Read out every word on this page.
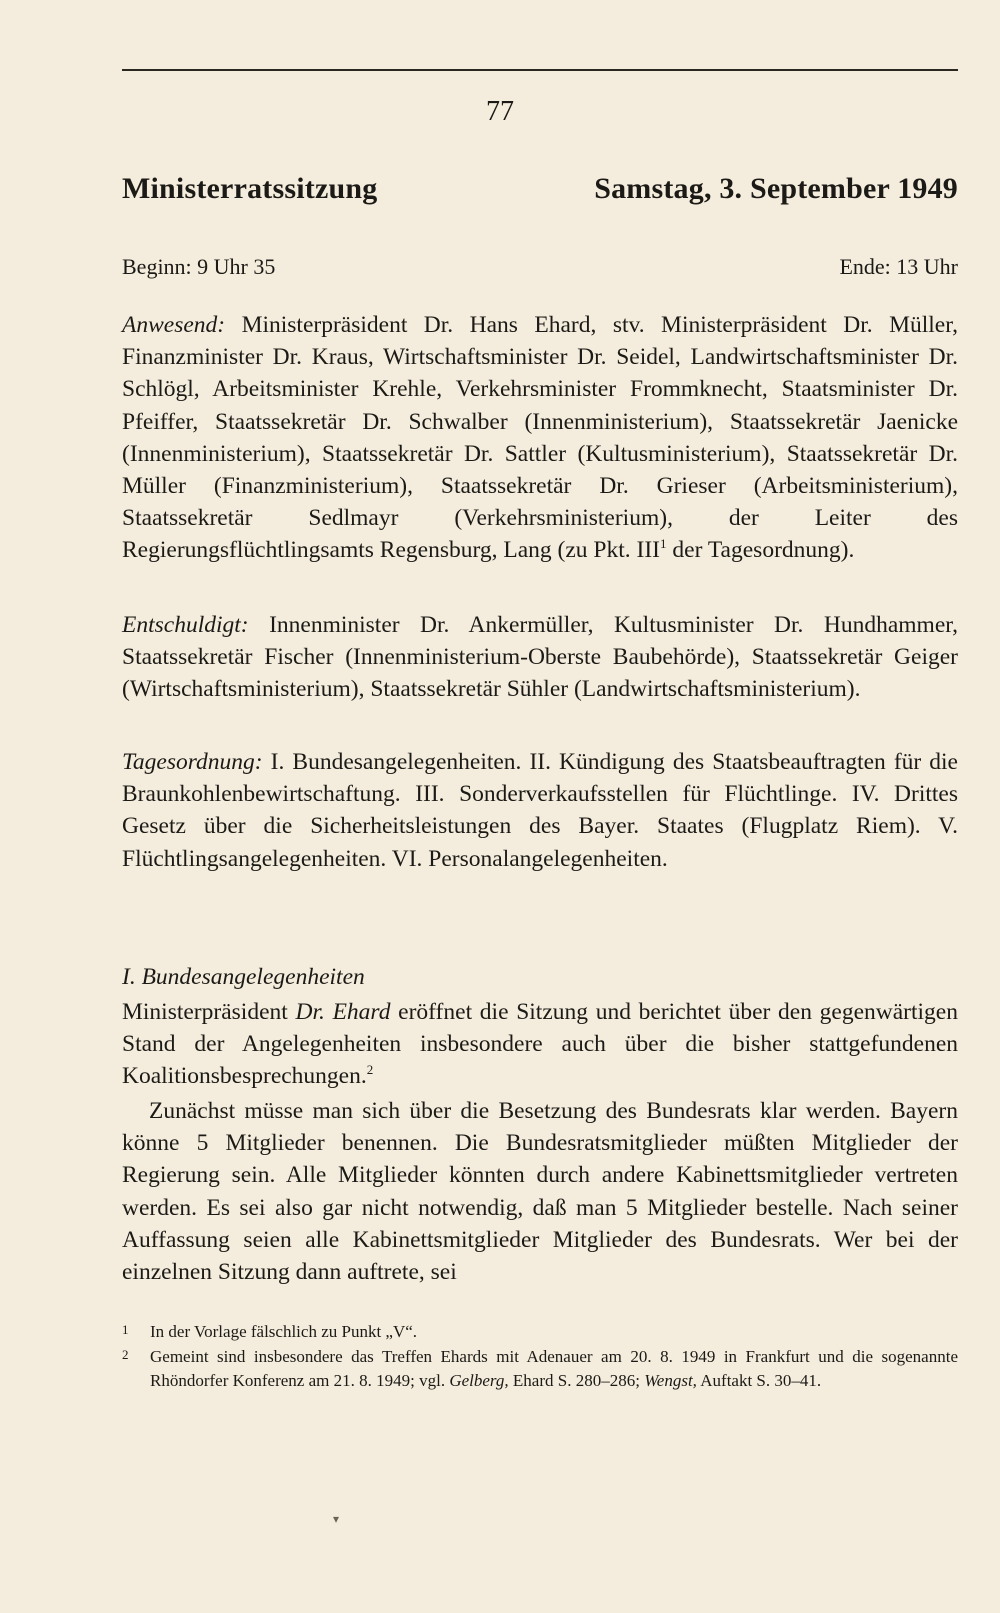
77
Ministerratssitzung	Samstag, 3. September 1949
Beginn: 9 Uhr 35	Ende: 13 Uhr

Anwesend: Ministerpräsident Dr. Hans Ehard, stv. Ministerpräsident Dr. Müller, Finanzminister Dr. Kraus, Wirtschaftsminister Dr. Seidel, Landwirtschaftsminister Dr. Schlögl, Arbeitsminister Krehle, Verkehrsminister Frommknecht, Staatsminister Dr. Pfeiffer, Staatssekretär Dr. Schwalber (Innenministerium), Staatssekretär Jaenicke (Innenministerium), Staatssekretär Dr. Sattler (Kultusministerium), Staatssekretär Dr. Müller (Finanzministerium), Staatssekretär Dr. Grieser (Arbeitsministerium), Staatssekretär Sedlmayr (Verkehrsministerium), der Leiter des Regierungsflüchtlingsamts Regensburg, Lang (zu Pkt. III$^1$ der Tagesordnung).

Entschuldigt: Innenminister Dr. Ankermüller, Kultusminister Dr. Hundhammer, Staatssekretär Fischer (Innenministerium-Oberste Baubehörde), Staatssekretär Geiger (Wirtschaftsministerium), Staatssekretär Sühler (Landwirtschaftsministerium).

Tagesordnung: I. Bundesangelegenheiten. II. Kündigung des Staatsbeauftragten für die Braunkohlenbewirtschaftung. III. Sonderverkaufsstellen für Flüchtlinge. IV. Drittes Gesetz über die Sicherheitsleistungen des Bayer. Staates (Flugplatz Riem). V. Flüchtlingsangelegenheiten. VI. Personalangelegenheiten.

I. Bundesangelegenheiten

Ministerpräsident Dr. Ehard eröffnet die Sitzung und berichtet über den gegenwärtigen Stand der Angelegenheiten insbesondere auch über die bisher stattgefundenen Koalitionsbesprechungen.$^2$

Zunächst müsse man sich über die Besetzung des Bundesrats klar werden. Bayern könne 5 Mitglieder benennen. Die Bundesratsmitglieder müßten Mitglieder der Regierung sein. Alle Mitglieder könnten durch andere Kabinettsmitglieder vertreten werden. Es sei also gar nicht notwendig, daß man 5 Mitglieder bestelle. Nach seiner Auffassung seien alle Kabinettsmitglieder Mitglieder des Bundesrats. Wer bei der einzelnen Sitzung dann auftrete, sei

1	In der Vorlage fälschlich zu Punkt „V“.
2	Gemeint sind insbesondere das Treffen Ehards mit Adenauer am 20. 8. 1949 in Frankfurt und die sogenannte Rhöndorfer Konferenz am 21. 8. 1949; vgl. Gelberg, Ehard S. 280–286; Wengst, Auftakt S. 30–41.
▾
